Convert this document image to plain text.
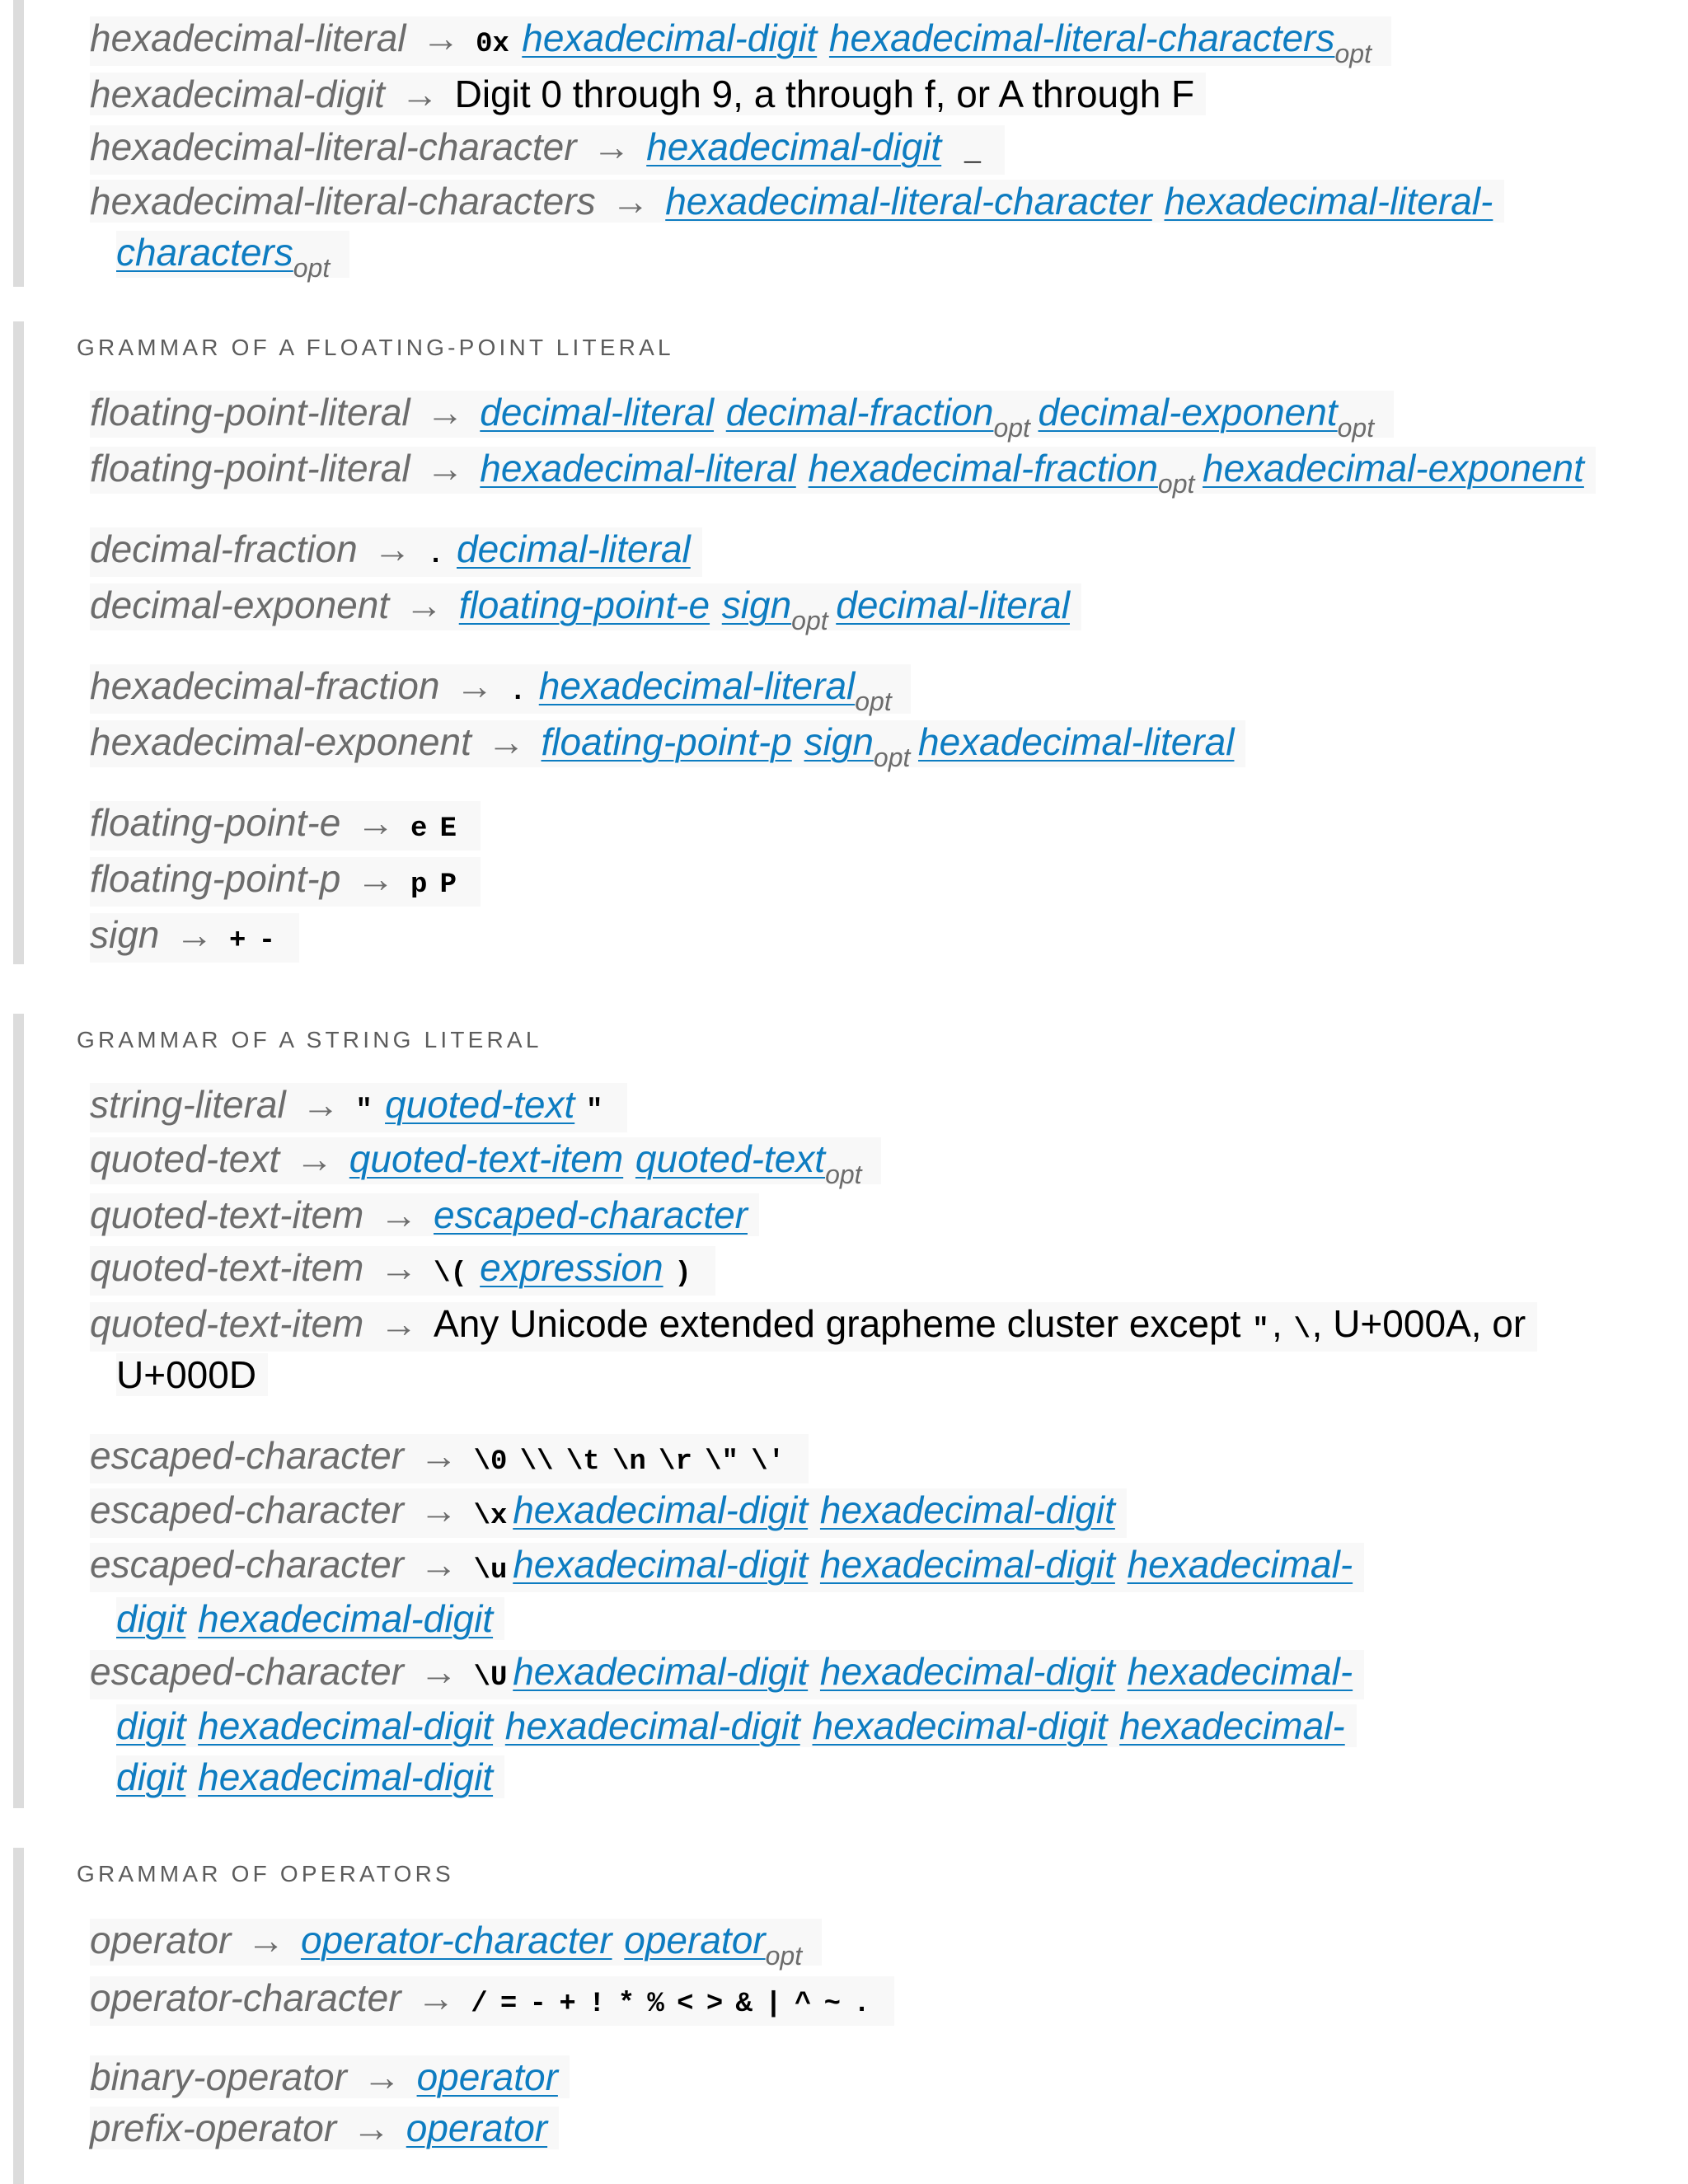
hexadecimal-literal → 0x hexadecimal-digit hexadecimal-literal-characters$_{opt}$
hexadecimal-digit → Digit 0 through 9, a through f, or A through F
hexadecimal-literal-character → hexadecimal-digit _
hexadecimal-literal-characters → hexadecimal-literal-character hexadecimal-literal-
characters$_{opt}$
GRAMMAR OF A FLOATING-POINT LITERAL
floating-point-literal → decimal-literal decimal-fraction$_{opt}$ decimal-exponent$_{opt}$
floating-point-literal → hexadecimal-literal hexadecimal-fraction$_{opt}$ hexadecimal-exponent
decimal-fraction → . decimal-literal
decimal-exponent → floating-point-e sign$_{opt}$ decimal-literal
hexadecimal-fraction → . hexadecimal-literal$_{opt}$
hexadecimal-exponent → floating-point-p sign$_{opt}$ hexadecimal-literal
floating-point-e → e E
floating-point-p → p P
sign → + -
GRAMMAR OF A STRING LITERAL
string-literal → " quoted-text "
quoted-text → quoted-text-item quoted-text$_{opt}$
quoted-text-item → escaped-character
quoted-text-item → \( expression )
quoted-text-item → Any Unicode extended grapheme cluster except ", \, U+000A, or
U+000D
escaped-character → \0 \\ \t \n \r \" \'
escaped-character → \x hexadecimal-digit hexadecimal-digit
escaped-character → \u hexadecimal-digit hexadecimal-digit hexadecimal-
digit hexadecimal-digit
escaped-character → \U hexadecimal-digit hexadecimal-digit hexadecimal-
digit hexadecimal-digit hexadecimal-digit hexadecimal-digit hexadecimal-
digit hexadecimal-digit
GRAMMAR OF OPERATORS
operator → operator-character operator$_{opt}$
operator-character → / = - + ! * % < > & | ^ ~ .
binary-operator → operator
prefix-operator → operator
